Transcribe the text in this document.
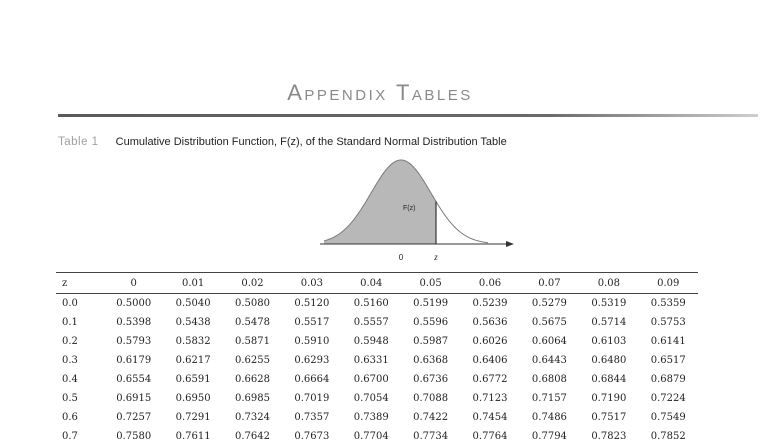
Appendix Tables
Table 1 Cumulative Distribution Function, F(z), of the Standard Normal Distribution Table
F(z)
0	z
z	0	0.01	0.02	0.03	0.04	0.05	0.06	0.07	0.08	0.09
0.0	0.5000	0.5040	0.5080	0.5120	0.5160	0.5199	0.5239	0.5279	0.5319	0.5359
0.1	0.5398	0.5438	0.5478	0.5517	0.5557	0.5596	0.5636	0.5675	0.5714	0.5753
0.2	0.5793	0.5832	0.5871	0.5910	0.5948	0.5987	0.6026	0.6064	0.6103	0.6141
0.3	0.6179	0.6217	0.6255	0.6293	0.6331	0.6368	0.6406	0.6443	0.6480	0.6517
0.4	0.6554	0.6591	0.6628	0.6664	0.6700	0.6736	0.6772	0.6808	0.6844	0.6879
0.5	0.6915	0.6950	0.6985	0.7019	0.7054	0.7088	0.7123	0.7157	0.7190	0.7224
0.6	0.7257	0.7291	0.7324	0.7357	0.7389	0.7422	0.7454	0.7486	0.7517	0.7549
0.7	0.7580	0.7611	0.7642	0.7673	0.7704	0.7734	0.7764	0.7794	0.7823	0.7852
